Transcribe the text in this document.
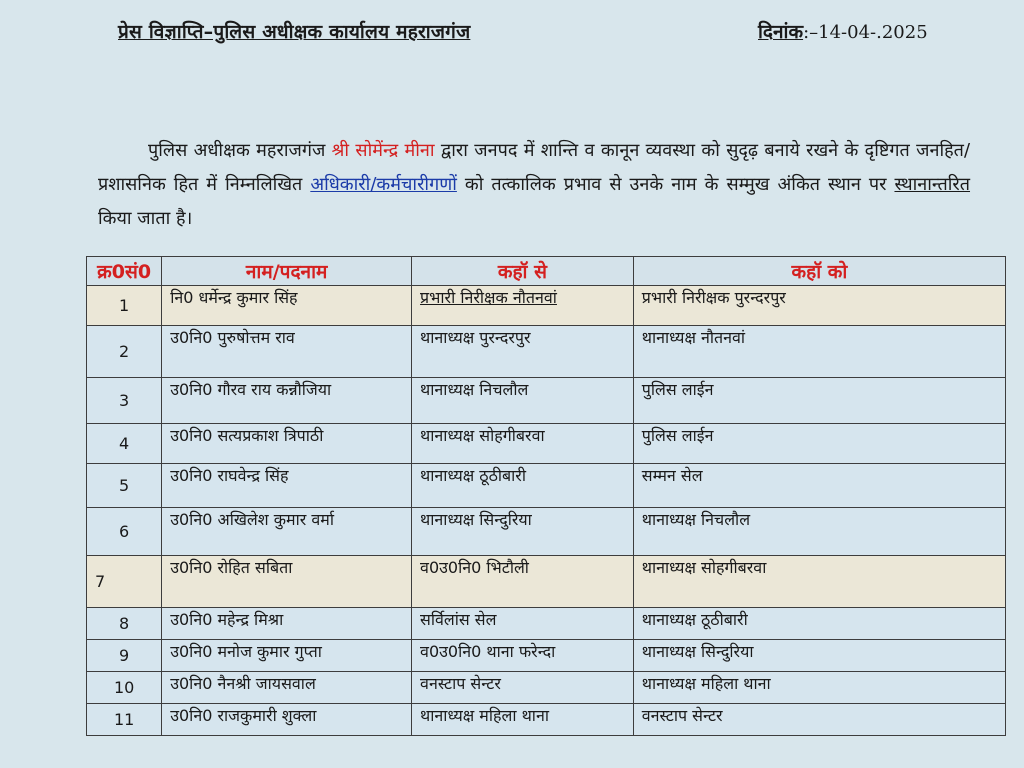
प्रेस विज्ञाप्ति–पुलिस अधीक्षक कार्यालय महराजगंज	दिनांक:–14-04-.2025
पुलिस अधीक्षक महराजगंज श्री सोमेंन्द्र मीना द्वारा जनपद में शान्ति व कानून व्यवस्था को सुदृढ़ बनाये रखने के दृष्टिगत जनहित/प्रशासनिक हित में निम्नलिखित अधिकारी/कर्मचारीगणों को तत्कालिक प्रभाव से उनके नाम के सम्मुख अंकित स्थान पर स्थानान्तरित किया जाता है।
क्र0सं0	नाम/पदनाम	कहॉ से	कहॉ को
1	नि0 धर्मेन्द्र कुमार सिंह	प्रभारी निरीक्षक नौतनवां	प्रभारी निरीक्षक पुरन्दरपुर
2	उ0नि0 पुरुषोत्तम राव	थानाध्यक्ष पुरन्दरपुर	थानाध्यक्ष नौतनवां
3	उ0नि0 गौरव राय कन्नौजिया	थानाध्यक्ष निचलौल	पुलिस लाईन
4	उ0नि0 सत्यप्रकाश त्रिपाठी	थानाध्यक्ष सोहगीबरवा	पुलिस लाईन
5	उ0नि0 राघवेन्द्र सिंह	थानाध्यक्ष ठूठीबारी	सम्मन सेल
6	उ0नि0 अखिलेश कुमार वर्मा	थानाध्यक्ष सिन्दुरिया	थानाध्यक्ष निचलौल
7	उ0नि0 रोहित सबिता	व0उ0नि0 भिटौली	थानाध्यक्ष सोहगीबरवा
8	उ0नि0 महेन्द्र मिश्रा	सर्विलांस सेल	थानाध्यक्ष ठूठीबारी
9	उ0नि0 मनोज कुमार गुप्ता	व0उ0नि0 थाना फरेन्दा	थानाध्यक्ष सिन्दुरिया
10	उ0नि0 नैनश्री जायसवाल	वनस्टाप सेन्टर	थानाध्यक्ष महिला थाना
11	उ0नि0 राजकुमारी शुक्ला	थानाध्यक्ष महिला थाना	वनस्टाप सेन्टर
